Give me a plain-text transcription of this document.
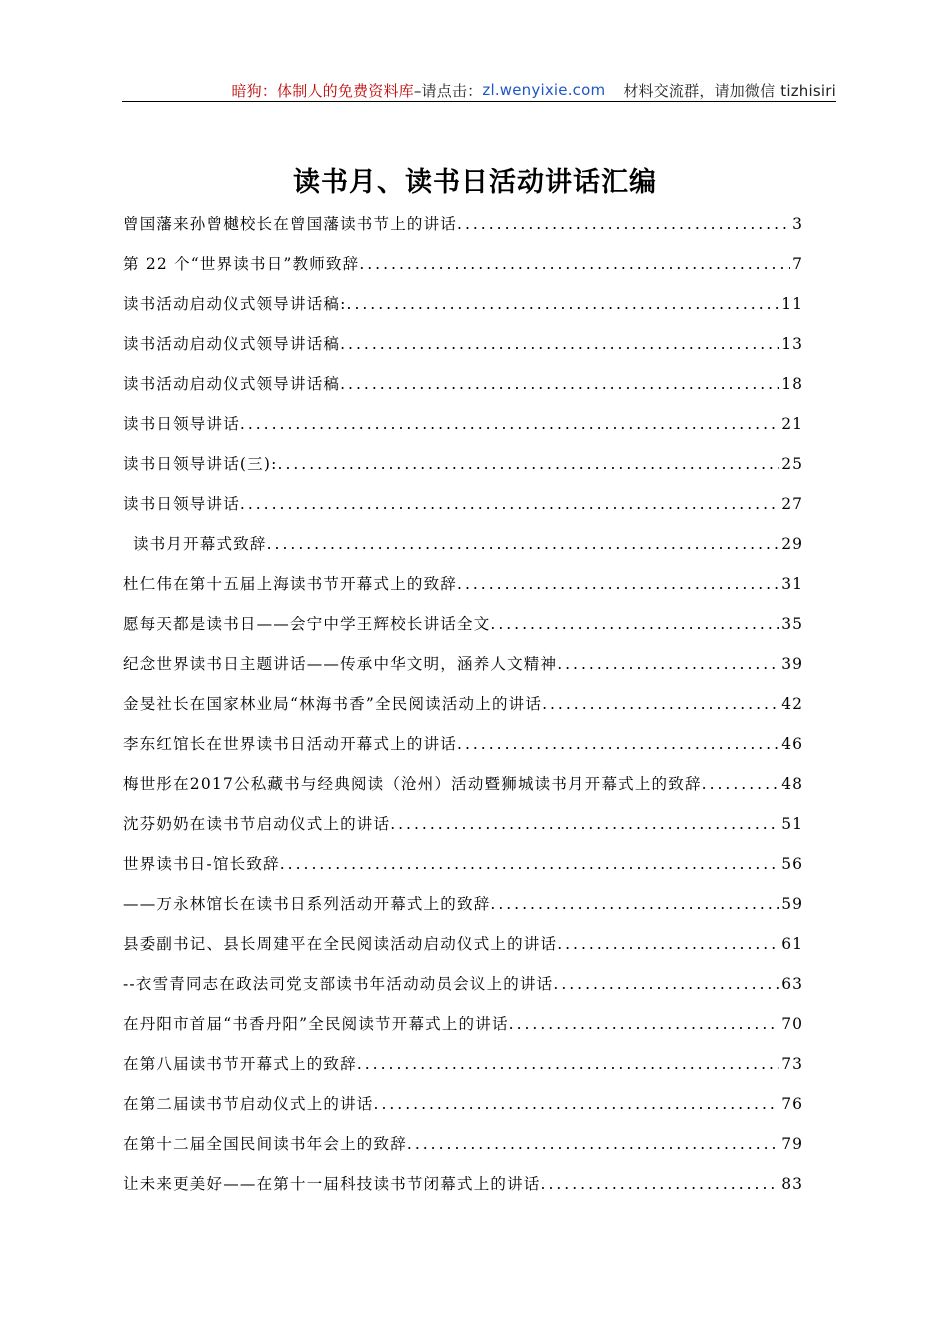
暗狗：体制人的免费资料库 –请点击： zl.wenyixie.com 材料交流群，请加微信 tizhisiri
读书月、读书日活动讲话汇编
曾国藩来孙曾樾校长在曾国藩读书节上的讲话 .....	3
第 22 个“世界读书日”教师致辞 .....	7
读书活动启动仪式领导讲话稿: .....	11
读书活动启动仪式领导讲话稿 .....	13
读书活动启动仪式领导讲话稿 .....	18
读书日领导讲话 .....	21
读书日领导讲话(三): .....	25
读书日领导讲话 .....	27
读书月开幕式致辞 .....	29
杜仁伟在第十五届上海读书节开幕式上的致辞 .....	31
愿每天都是读书日——会宁中学王辉校长讲话全文 .....	35
纪念世界读书日主题讲话——传承中华文明，涵养人文精神 .....	39
金旻社长在国家林业局“林海书香”全民阅读活动上的讲话 .....	42
李东红馆长在世界读书日活动开幕式上的讲话 .....	46
梅世彤在2017公私藏书与经典阅读（沧州）活动暨狮城读书月开幕式上的致辞 .....	48
沈芬奶奶在读书节启动仪式上的讲话 .....	51
世界读书日-馆长致辞 .....	56
——万永林馆长在读书日系列活动开幕式上的致辞 .....	59
县委副书记、县长周建平在全民阅读活动启动仪式上的讲话 .....	61
--衣雪青同志在政法司党支部读书年活动动员会议上的讲话 .....	63
在丹阳市首届“书香丹阳”全民阅读节开幕式上的讲话 .....	70
在第八届读书节开幕式上的致辞 .....	73
在第二届读书节启动仪式上的讲话 .....	76
在第十二届全国民间读书年会上的致辞 .....	79
让未来更美好——在第十一届科技读书节闭幕式上的讲话 .....	83
